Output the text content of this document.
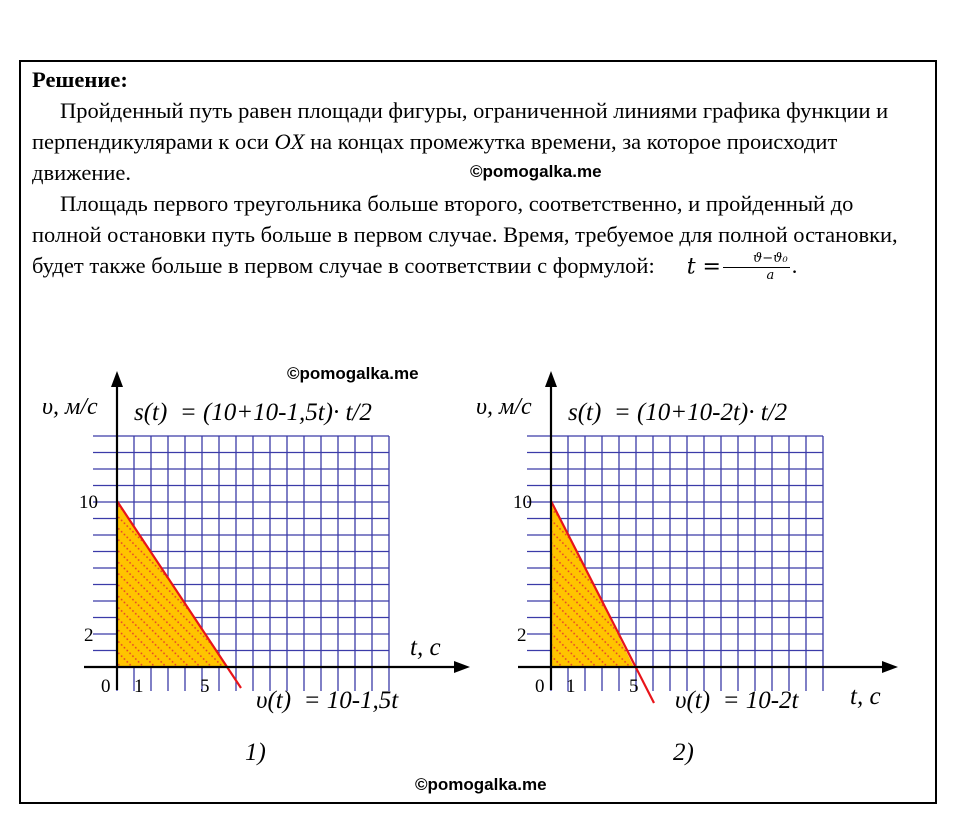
Решение:
Пройденный путь равен площади фигуры, ограниченной линиями графика функции и перпендикулярами к оси OX на концах промежутка времени, за которое происходит движение.
Площадь первого треугольника больше второго, соответственно, и пройденный до полной остановки путь больше в первом случае. Время, требуемое для полной остановки, будет также больше в первом случае в соответствии с формулой: $t = \frac{\text{ϑ−ϑ₀}}{a}$ .
©pomogalka.me
©pomogalka.me
©pomogalka.me
υ, м/с s(t)  = (10+10-1,5t)· t/2
10
2	t, с
0 1	5
υ(t)  = 10-1,5t
1)
υ, м/с s(t)  = (10+10-2t)· t/2
10
2
t, с
0 1	5
υ(t)  = 10-2t
2)
